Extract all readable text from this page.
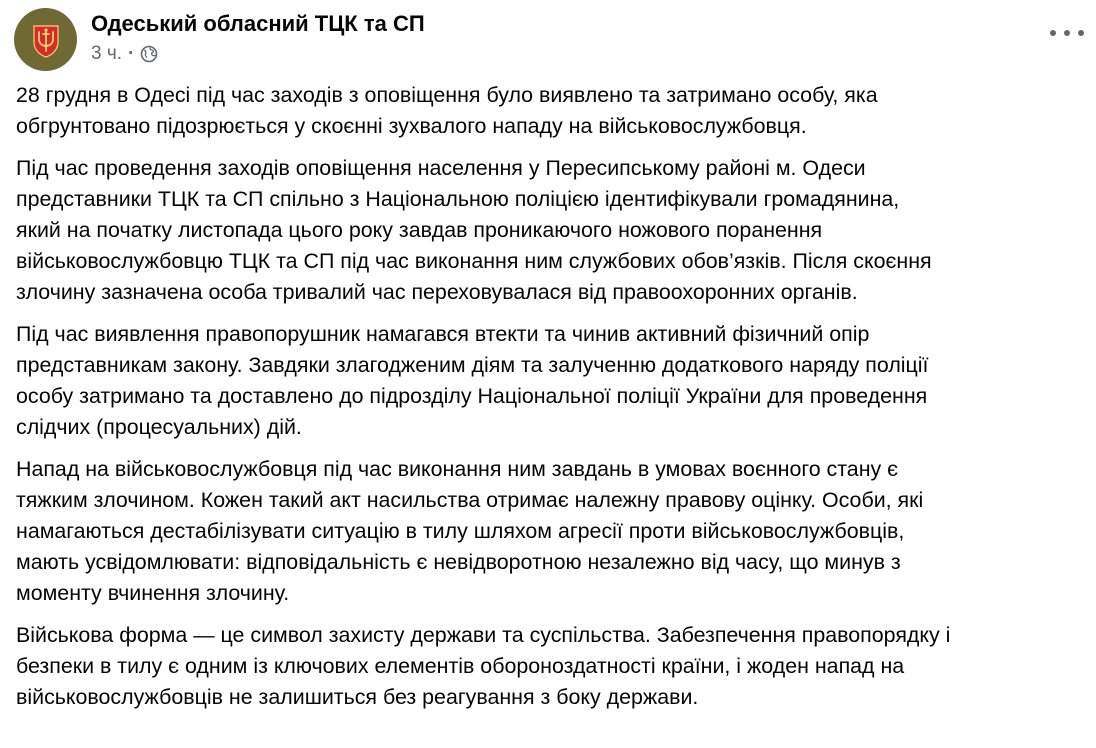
Одеський обласний ТЦК та СП
3 ч. ·

28 грудня в Одесі під час заходів з оповіщення було виявлено та затримано особу, яка
обгрунтовано підозрюється у скоєнні зухвалого нападу на військовослужбовця.

Під час проведення заходів оповіщення населення у Пересипському районі м. Одеси
представники ТЦК та СП спільно з Національною поліцією ідентифікували громадянина,
який на початку листопада цього року завдав проникаючого ножового поранення
військовослужбовцю ТЦК та СП під час виконання ним службових обов’язків. Після скоєння
злочину зазначена особа тривалий час переховувалася від правоохоронних органів.

Під час виявлення правопорушник намагався втекти та чинив активний фізичний опір
представникам закону. Завдяки злагодженим діям та залученню додаткового наряду поліції
особу затримано та доставлено до підрозділу Національної поліції України для проведення
слідчих (процесуальних) дій.

Напад на військовослужбовця під час виконання ним завдань в умовах воєнного стану є
тяжким злочином. Кожен такий акт насильства отримає належну правову оцінку. Особи, які
намагаються дестабілізувати ситуацію в тилу шляхом агресії проти військовослужбовців,
мають усвідомлювати: відповідальність є невідворотною незалежно від часу, що минув з
моменту вчинення злочину.

Військова форма — це символ захисту держави та суспільства. Забезпечення правопорядку і
безпеки в тилу є одним із ключових елементів обороноздатності країни, і жоден напад на
військовослужбовців не залишиться без реагування з боку держави.
